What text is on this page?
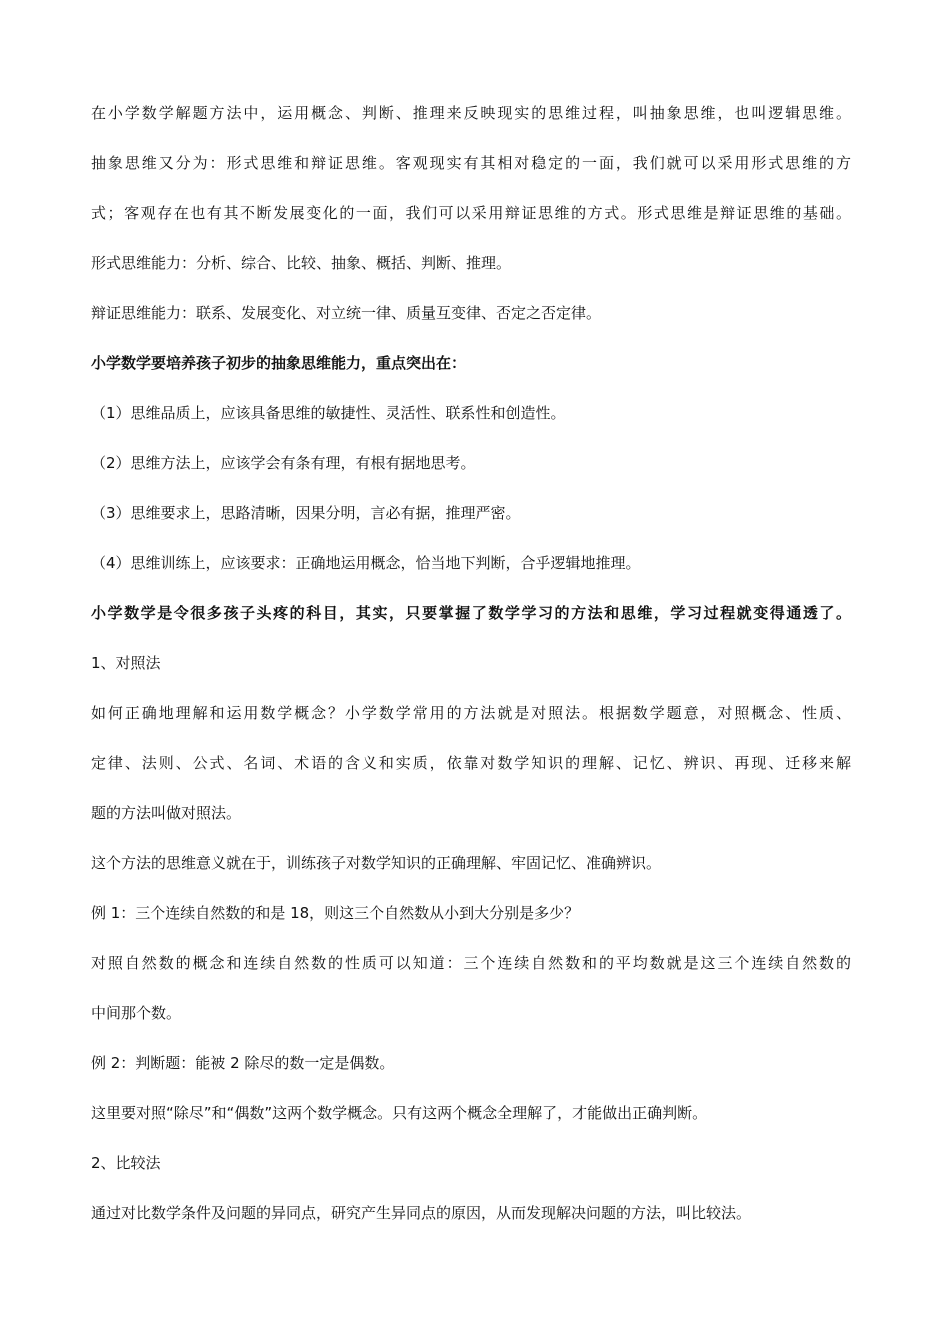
在小学数学解题方法中，运用概念、判断、推理来反映现实的思维过程，叫抽象思维，也叫逻辑思维。
抽象思维又分为：形式思维和辩证思维。客观现实有其相对稳定的一面，我们就可以采用形式思维的方
式；客观存在也有其不断发展变化的一面，我们可以采用辩证思维的方式。形式思维是辩证思维的基础。
形式思维能力：分析、综合、比较、抽象、概括、判断、推理。
辩证思维能力：联系、发展变化、对立统一律、质量互变律、否定之否定律。
小学数学要培养孩子初步的抽象思维能力，重点突出在：
（1）思维品质上，应该具备思维的敏捷性、灵活性、联系性和创造性。
（2）思维方法上，应该学会有条有理，有根有据地思考。
（3）思维要求上，思路清晰，因果分明，言必有据，推理严密。
（4）思维训练上，应该要求：正确地运用概念，恰当地下判断，合乎逻辑地推理。
小学数学是令很多孩子头疼的科目，其实，只要掌握了数学学习的方法和思维，学习过程就变得通透了。
1、对照法
如何正确地理解和运用数学概念？小学数学常用的方法就是对照法。根据数学题意，对照概念、性质、
定律、法则、公式、名词、术语的含义和实质，依靠对数学知识的理解、记忆、辨识、再现、迁移来解
题的方法叫做对照法。
这个方法的思维意义就在于，训练孩子对数学知识的正确理解、牢固记忆、准确辨识。
例 1：三个连续自然数的和是 18，则这三个自然数从小到大分别是多少？
对照自然数的概念和连续自然数的性质可以知道：三个连续自然数和的平均数就是这三个连续自然数的
中间那个数。
例 2：判断题：能被 2 除尽的数一定是偶数。
这里要对照“除尽”和“偶数”这两个数学概念。只有这两个概念全理解了，才能做出正确判断。
2、比较法
通过对比数学条件及问题的异同点，研究产生异同点的原因，从而发现解决问题的方法，叫比较法。
